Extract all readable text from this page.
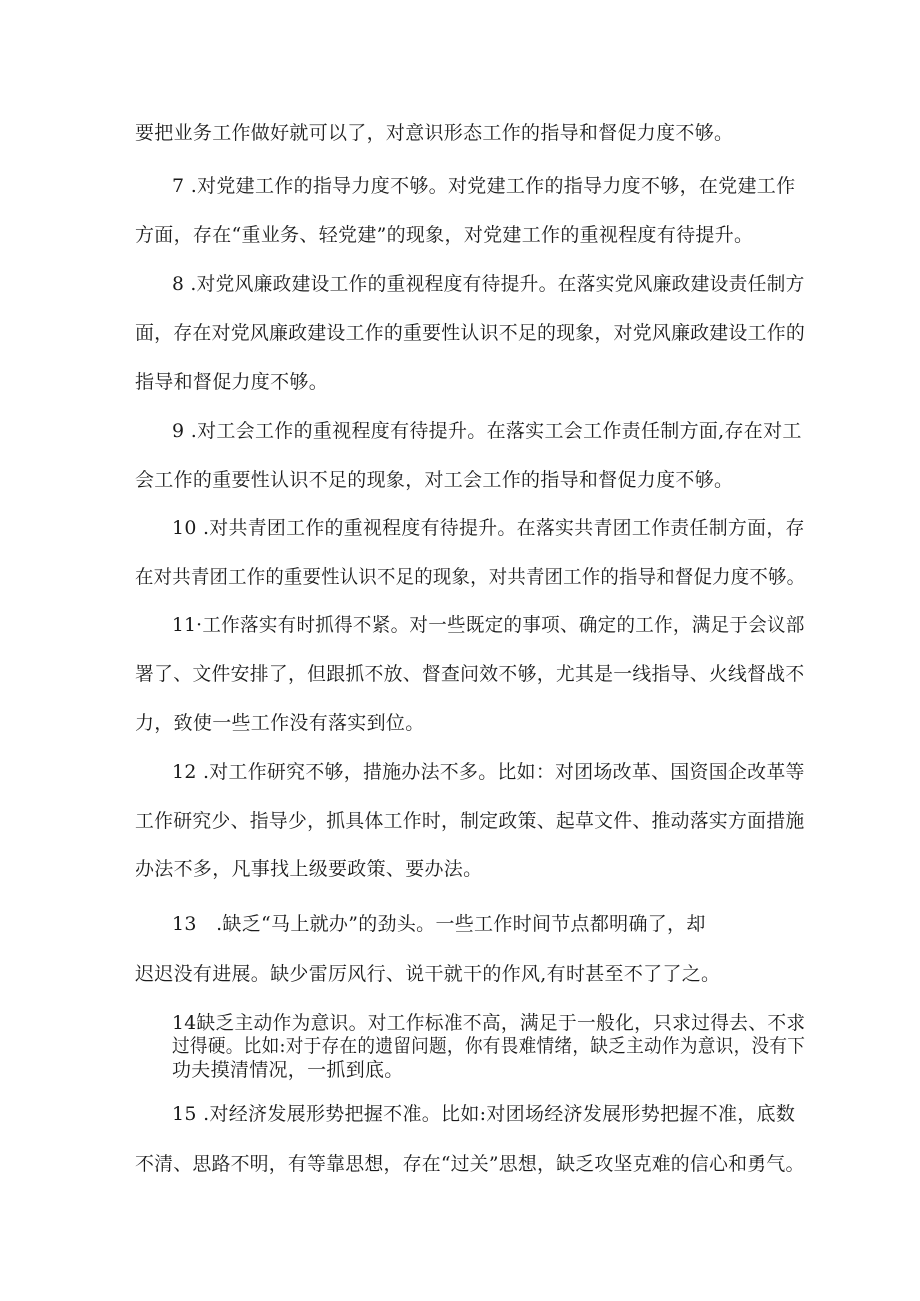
要把业务工作做好就可以了，对意识形态工作的指导和督促力度不够。
7 .对党建工作的指导力度不够。对党建工作的指导力度不够，在党建工作
方面，存在“重业务、轻党建”的现象，对党建工作的重视程度有待提升。
8 .对党风廉政建设工作的重视程度有待提升。在落实党风廉政建设责任制方
面，存在对党风廉政建设工作的重要性认识不足的现象，对党风廉政建设工作的
指导和督促力度不够。
9 .对工会工作的重视程度有待提升。在落实工会工作责任制方面,存在对工
会工作的重要性认识不足的现象，对工会工作的指导和督促力度不够。
10 .对共青团工作的重视程度有待提升。在落实共青团工作责任制方面，存
在对共青团工作的重要性认识不足的现象，对共青团工作的指导和督促力度不够。
11·工作落实有时抓得不紧。对一些既定的事项、确定的工作，满足于会议部
署了、文件安排了，但跟抓不放、督查问效不够，尤其是一线指导、火线督战不
力，致使一些工作没有落实到位。
12 .对工作研究不够，措施办法不多。比如：对团场改革、国资国企改革等
工作研究少、指导少，抓具体工作时，制定政策、起草文件、推动落实方面措施
办法不多，凡事找上级要政策、要办法。
13　.缺乏“马上就办”的劲头。一些工作时间节点都明确了，却
迟迟没有进展。缺少雷厉风行、说干就干的作风,有时甚至不了了之。
14缺乏主动作为意识。对工作标准不高，满足于一般化，只求过得去、不求
过得硬。比如:对于存在的遗留问题，你有畏难情绪，缺乏主动作为意识，没有下
功夫摸清情况，一抓到底。
15 .对经济发展形势把握不准。比如:对团场经济发展形势把握不准，底数
不清、思路不明，有等靠思想，存在“过关”思想，缺乏攻坚克难的信心和勇气。
